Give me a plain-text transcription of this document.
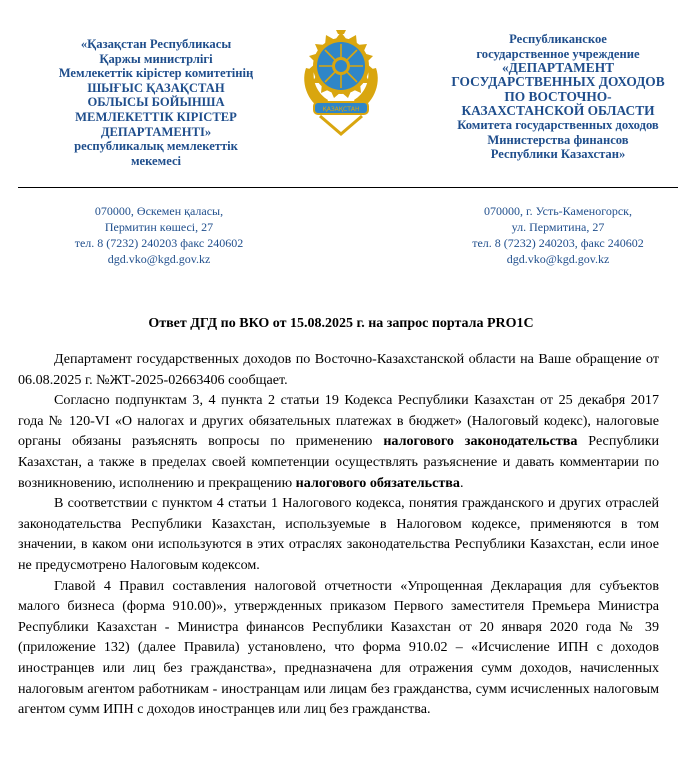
«Қазақстан Республикасы
Қаржы министрлігі
Мемлекеттік кірістер комитетінің
ШЫҒЫС ҚАЗАҚСТАН
ОБЛЫСЫ БОЙЫНША
МЕМЛЕКЕТТІК КІРІСТЕР
ДЕПАРТАМЕНТІ»
республикалық мемлекеттік
мекемесі
ҚАЗАҚСТАН
Республиканское
государственное учреждение
«ДЕПАРТАМЕНТ
ГОСУДАРСТВЕННЫХ ДОХОДОВ
ПО ВОСТОЧНО-
КАЗАХСТАНСКОЙ ОБЛАСТИ
Комитета государственных доходов
Министерства финансов
Республики Казахстан»
070000, Өскемен қаласы,
Пермитин көшесі, 27
тел. 8 (7232) 240203 факс 240602
dgd.vko@kgd.gov.kz
070000, г. Усть-Каменогорск,
ул. Пермитина, 27
тел. 8 (7232) 240203, факс 240602
dgd.vko@kgd.gov.kz
Ответ ДГД по ВКО от 15.08.2025 г. на запрос портала PRO1С

Департамент государственных доходов по Восточно-Казахстанской области на Ваше обращение от 06.08.2025 г. №ЖТ-2025-02663406 сообщает.

Согласно подпунктам 3, 4 пункта 2 статьи 19 Кодекса Республики Казахстан от 25 декабря 2017 года № 120-VI «О налогах и других обязательных платежах в бюджет» (Налоговый кодекс), налоговые органы обязаны разъяснять вопросы по применению налогового законодательства Республики Казахстан, а также в пределах своей компетенции осуществлять разъяснение и давать комментарии по возникновению, исполнению и прекращению налогового обязательства.

В соответствии с пунктом 4 статьи 1 Налогового кодекса, понятия гражданского и других отраслей законодательства Республики Казахстан, используемые в Налоговом кодексе, применяются в том значении, в каком они используются в этих отраслях законодательства Республики Казахстан, если иное не предусмотрено Налоговым кодексом.

Главой 4 Правил составления налоговой отчетности «Упрощенная Декларация для субъектов малого бизнеса (форма 910.00)», утвержденных приказом Первого заместителя Премьера Министра Республики Казахстан - Министра финансов Республики Казахстан от 20 января 2020 года № 39 (приложение 132) (далее Правила) установлено, что форма 910.02 – «Исчисление ИПН с доходов иностранцев или лиц без гражданства», предназначена для отражения сумм доходов, начисленных налоговым агентом работникам - иностранцам или лицам без гражданства, сумм исчисленных налоговым агентом сумм ИПН с доходов иностранцев или лиц без гражданства.
